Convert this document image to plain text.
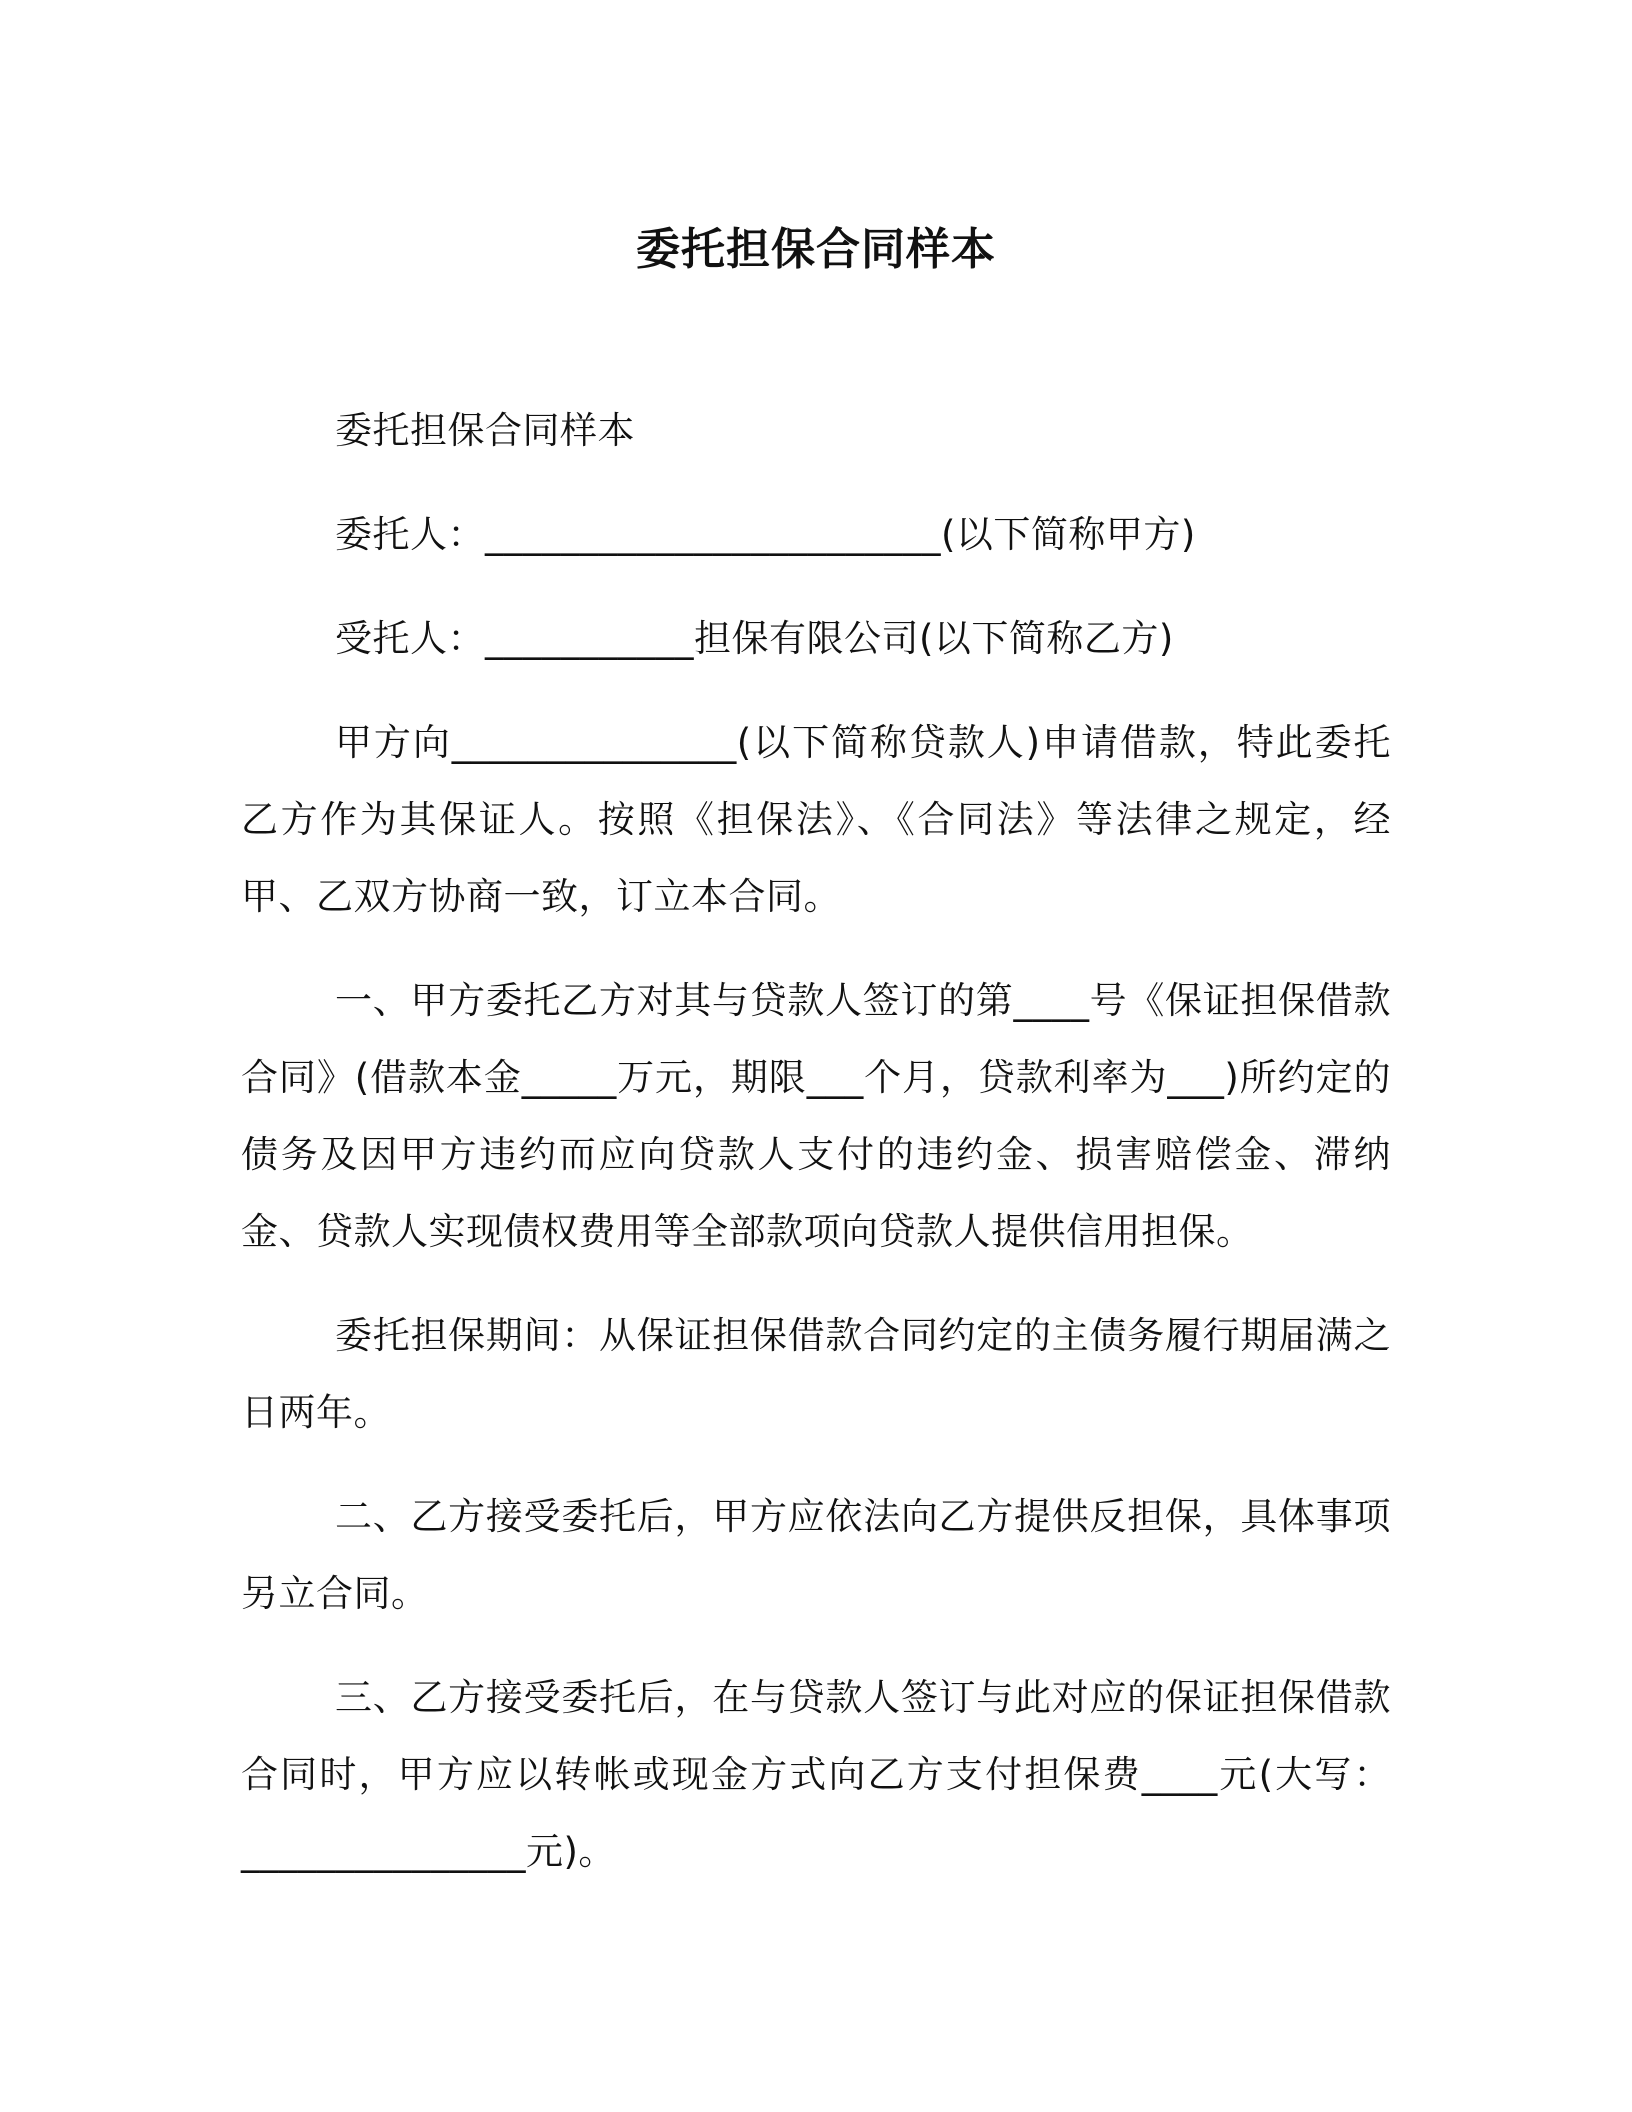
委托担保合同样本

委托担保合同样本

委托人：________________________(以下简称甲方)

受托人：___________担保有限公司(以下简称乙方)

甲方向_______________(以下简称贷款人)申请借款，特此委托乙方作为其保证人。按照《担保法》、《合同法》等法律之规定，经甲、乙双方协商一致，订立本合同。

一、甲方委托乙方对其与贷款人签订的第____号《保证担保借款合同》(借款本金_____万元，期限___个月，贷款利率为___)所约定的债务及因甲方违约而应向贷款人支付的违约金、损害赔偿金、滞纳金、贷款人实现债权费用等全部款项向贷款人提供信用担保。

委托担保期间：从保证担保借款合同约定的主债务履行期届满之日两年。

二、乙方接受委托后，甲方应依法向乙方提供反担保，具体事项另立合同。

三、乙方接受委托后，在与贷款人签订与此对应的保证担保借款合同时，甲方应以转帐或现金方式向乙方支付担保费____元(大写：_______________元)。
